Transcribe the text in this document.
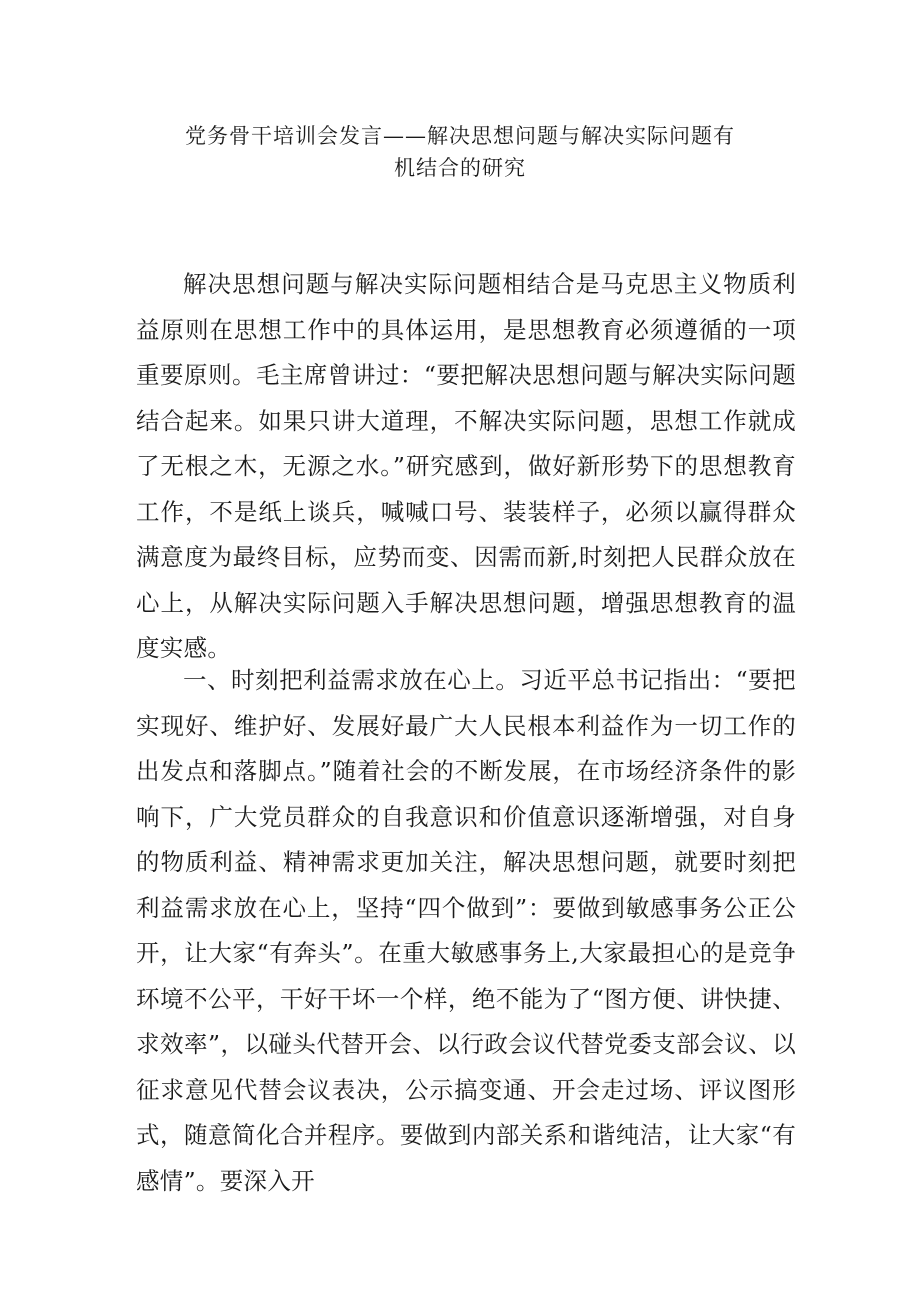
党务骨干培训会发言——解决思想问题与解决实际问题有
机结合的研究

解决思想问题与解决实际问题相结合是马克思主义物质利益原则在思想工作中的具体运用，是思想教育必须遵循的一项重要原则。毛主席曾讲过：“要把解决思想问题与解决实际问题结合起来。如果只讲大道理，不解决实际问题，思想工作就成了无根之木，无源之水。”研究感到，做好新形势下的思想教育工作，不是纸上谈兵，喊喊口号、装装样子，必须以赢得群众满意度为最终目标，应势而变、因需而新,时刻把人民群众放在心上，从解决实际问题入手解决思想问题，增强思想教育的温度实感。

一、时刻把利益需求放在心上。习近平总书记指出：“要把实现好、维护好、发展好最广大人民根本利益作为一切工作的出发点和落脚点。”随着社会的不断发展，在市场经济条件的影响下，广大党员群众的自我意识和价值意识逐渐增强，对自身的物质利益、精神需求更加关注，解决思想问题，就要时刻把利益需求放在心上，坚持“四个做到”：要做到敏感事务公正公开，让大家“有奔头”。在重大敏感事务上,大家最担心的是竞争环境不公平，干好干坏一个样，绝不能为了“图方便、讲快捷、求效率”，以碰头代替开会、以行政会议代替党委支部会议、以征求意见代替会议表决，公示搞变通、开会走过场、评议图形式，随意简化合并程序。要做到内部关系和谐纯洁，让大家“有感情”。要深入开
